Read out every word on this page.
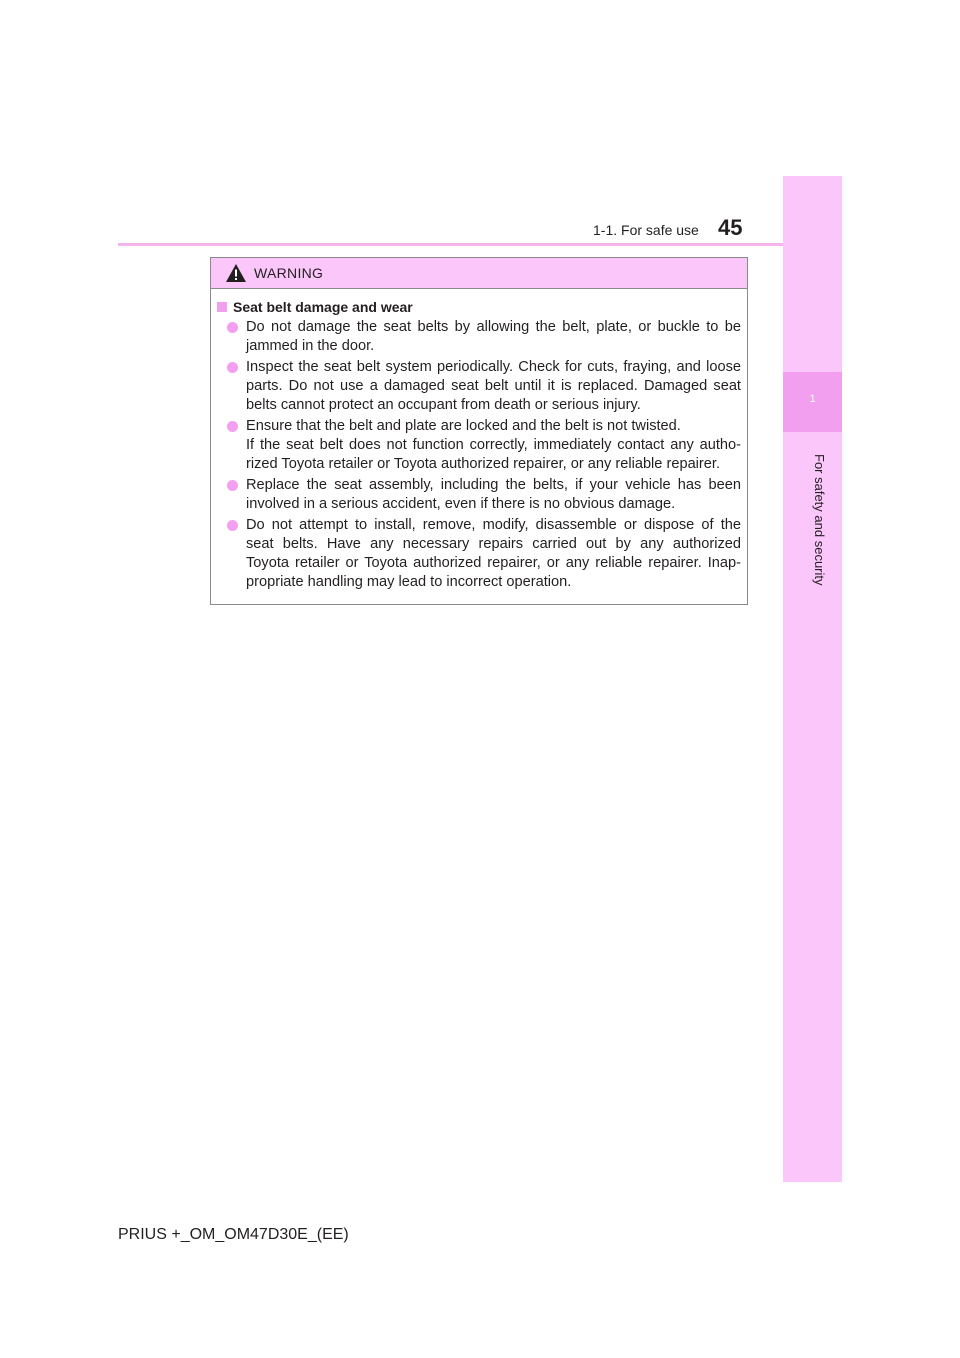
1-1. For safe use 45
1
For safety and security
WARNING
Seat belt damage and wear
Do not damage the seat belts by allowing the belt, plate, or buckle to be
jammed in the door.
Inspect the seat belt system periodically. Check for cuts, fraying, and loose
parts. Do not use a damaged seat belt until it is replaced. Damaged seat
belts cannot protect an occupant from death or serious injury.
Ensure that the belt and plate are locked and the belt is not twisted.
If the seat belt does not function correctly, immediately contact any autho-
rized Toyota retailer or Toyota authorized repairer, or any reliable repairer.
Replace the seat assembly, including the belts, if your vehicle has been
involved in a serious accident, even if there is no obvious damage.
Do not attempt to install, remove, modify, disassemble or dispose of the
seat belts. Have any necessary repairs carried out by any authorized
Toyota retailer or Toyota authorized repairer, or any reliable repairer. Inap-
propriate handling may lead to incorrect operation.
PRIUS +_OM_OM47D30E_(EE)
